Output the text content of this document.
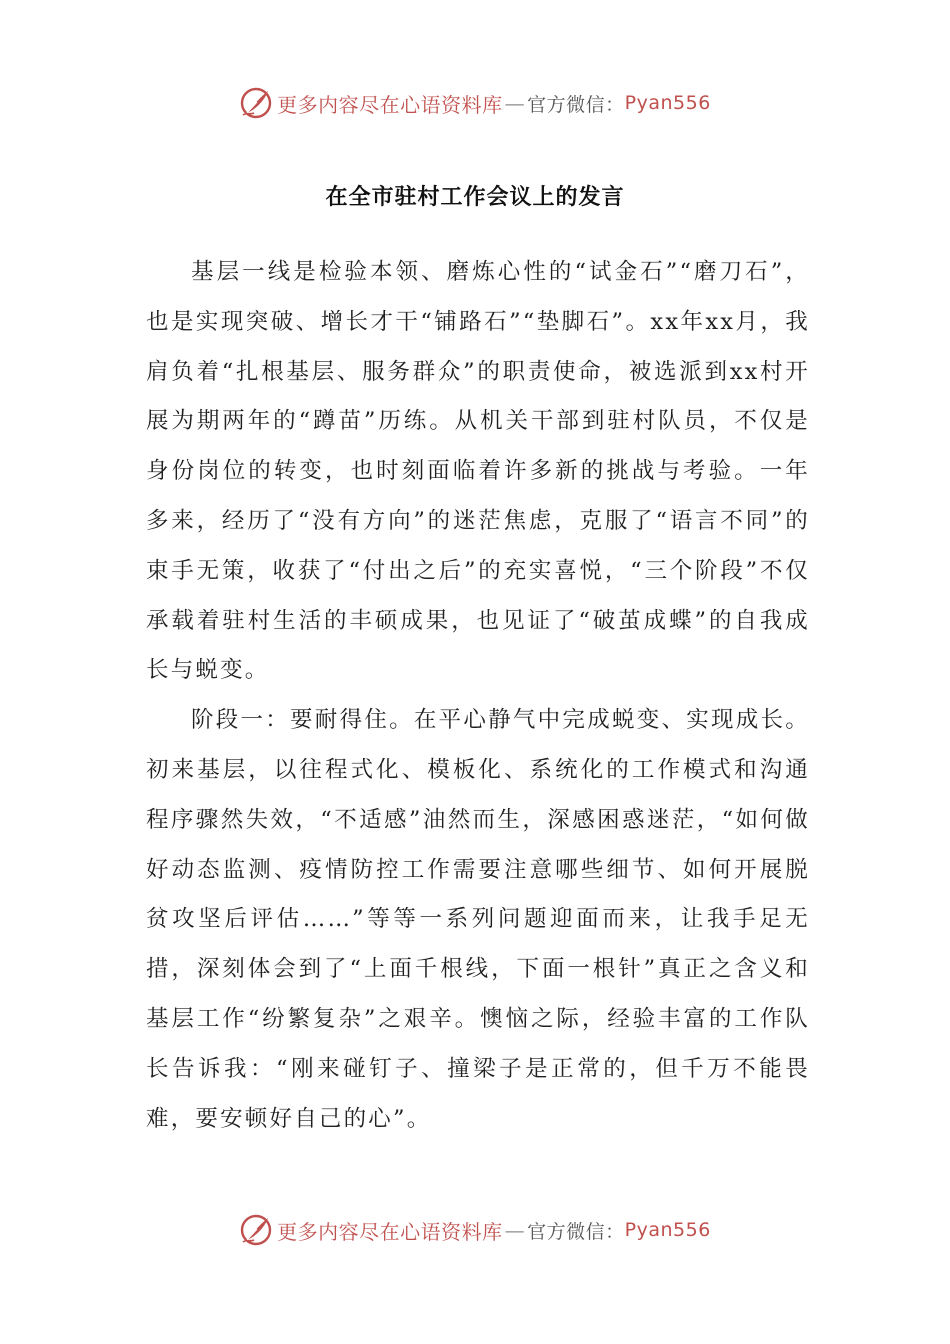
更多内容尽在心语资料库 — 官方微信： Pyan556
在全市驻村工作会议上的发言

基层一线是检验本领、磨炼心性的“试金石”“磨刀石”，也是实现突破、增长才干“铺路石”“垫脚石”。xx年xx月，我肩负着“扎根基层、服务群众”的职责使命，被选派到xx村开展为期两年的“蹲苗”历练。从机关干部到驻村队员，不仅是身份岗位的转变，也时刻面临着许多新的挑战与考验。一年多来，经历了“没有方向”的迷茫焦虑，克服了“语言不同”的束手无策，收获了“付出之后”的充实喜悦，“三个阶段”不仅承载着驻村生活的丰硕成果，也见证了“破茧成蝶”的自我成长与蜕变。

阶段一：要耐得住。在平心静气中完成蜕变、实现成长。初来基层，以往程式化、模板化、系统化的工作模式和沟通程序骤然失效，“不适感”油然而生，深感困惑迷茫，“如何做好动态监测、疫情防控工作需要注意哪些细节、如何开展脱贫攻坚后评估……”等等一系列问题迎面而来，让我手足无措，深刻体会到了“上面千根线，下面一根针”真正之含义和基层工作“纷繁复杂”之艰辛。懊恼之际，经验丰富的工作队长告诉我：“刚来碰钉子、撞梁子是正常的，但千万不能畏难，要安顿好自己的心”。

更多内容尽在心语资料库 — 官方微信： Pyan556
